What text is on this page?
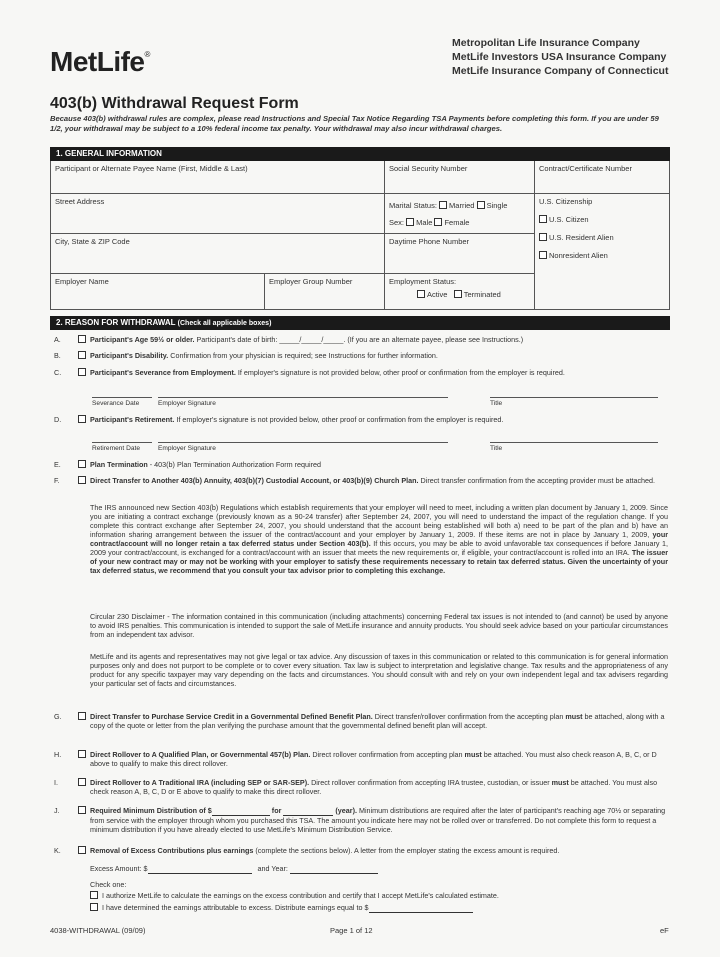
MetLife®
Metropolitan Life Insurance Company
MetLife Investors USA Insurance Company
MetLife Insurance Company of Connecticut
403(b) Withdrawal Request Form
Because 403(b) withdrawal rules are complex, please read Instructions and Special Tax Notice Regarding TSA Payments before completing this form. If you are under 59 1/2, your withdrawal may be subject to a 10% federal income tax penalty. Your withdrawal may also incur withdrawal charges.
1. GENERAL INFORMATION
Participant or Alternate Payee Name (First, Middle & Last)	Social Security Number	Contract/Certificate Number
Street Address	Marital Status: Married Single
Sex: Male Female
U.S. Citizenship
U.S. Citizen
U.S. Resident Alien
Nonresident Alien
City, State & ZIP Code	Daytime Phone Number
Employer Name	Employer Group Number	Employment Status:
Active Terminated
2. REASON FOR WITHDRAWAL (Check all applicable boxes)
A.	Participant's Age 59½ or older. Participant's date of birth: _____/_____/_____. (If you are an alternate payee, please see Instructions.)
B.	Participant's Disability. Confirmation from your physician is required; see Instructions for further information.
C.	Participant's Severance from Employment. If employer's signature is not provided below, other proof or confirmation from the employer is required.
Severance Date	Employer Signature	Title
D.	Participant's Retirement. If employer's signature is not provided below, other proof or confirmation from the employer is required.
Retirement Date	Employer Signature	Title
E.	Plan Termination - 403(b) Plan Termination Authorization Form required
F.	Direct Transfer to Another 403(b) Annuity, 403(b)(7) Custodial Account, or 403(b)(9) Church Plan. Direct transfer confirmation from the accepting provider must be attached.
The IRS announced new Section 403(b) Regulations which establish requirements that your employer will need to meet, including a written plan document by January 1, 2009. Since you are initiating a contract exchange (previously known as a 90-24 transfer) after September 24, 2007, you will need to understand the impact of the regulation change. If you complete this contract exchange after September 24, 2007, you should understand that the account being established will both a) need to be part of the plan and b) have an information sharing arrangement between the issuer of the contract/account and your employer by January 1, 2009. If these items are not in place by January 1, 2009, your contract/account will no longer retain a tax deferred status under Section 403(b). If this occurs, you may be able to avoid unfavorable tax consequences if before January 1, 2009 your contract/account, is exchanged for a contract/account with an issuer that meets the new requirements or, if eligible, your contract/account is rolled into an IRA. The issuer of your new contract may or may not be working with your employer to satisfy these requirements necessary to retain tax deferred status. Given the uncertainty of your tax deferred status, we recommend that you consult your tax advisor prior to completing this exchange.
Circular 230 Disclaimer - The information contained in this communication (including attachments) concerning Federal tax issues is not intended to (and cannot) be used by anyone to avoid IRS penalties. This communication is intended to support the sale of MetLife insurance and annuity products. You should seek advice based on your particular circumstances from an independent tax advisor.
MetLife and its agents and representatives may not give legal or tax advice. Any discussion of taxes in this communication or related to this communication is for general information purposes only and does not purport to be complete or to cover every situation. Tax law is subject to interpretation and legislative change. Tax results and the appropriateness of any product for any specific taxpayer may vary depending on the facts and circumstances. You should consult with and rely on your own independent legal and tax advisers regarding your particular set of facts and circumstances.
G.	Direct Transfer to Purchase Service Credit in a Governmental Defined Benefit Plan. Direct transfer/rollover confirmation from the accepting plan must be attached, along with a copy of the quote or letter from the plan verifying the purchase amount that the governmental defined benefit plan will accept.
H.	Direct Rollover to A Qualified Plan, or Governmental 457(b) Plan. Direct rollover confirmation from accepting plan must be attached. You must also check reason A, B, C, or D above to qualify to make this direct rollover.
I.	Direct Rollover to A Traditional IRA (including SEP or SAR-SEP). Direct rollover confirmation from accepting IRA trustee, custodian, or issuer must be attached. You must also check reason A, B, C, D or E above to qualify to make this direct rollover.
J.	Required Minimum Distribution of $	for	(year). Minimum distributions are required after the later of participant's reaching age 70½ or separating from service with the employer through whom you purchased this TSA. The amount you indicate here may not be rolled over or transferred. Do not complete this form to request a minimum distribution if you have already elected to use MetLife's Minimum Distribution Service.
K.	Removal of Excess Contributions plus earnings (complete the sections below). A letter from the employer stating the excess amount is required.
Excess Amount: $	and Year:
Check one:
I authorize MetLife to calculate the earnings on the excess contribution and certify that I accept MetLife's calculated estimate.
I have determined the earnings attributable to excess. Distribute earnings equal to $
4038-WITHDRAWAL (09/09)	Page 1 of 12	eF
